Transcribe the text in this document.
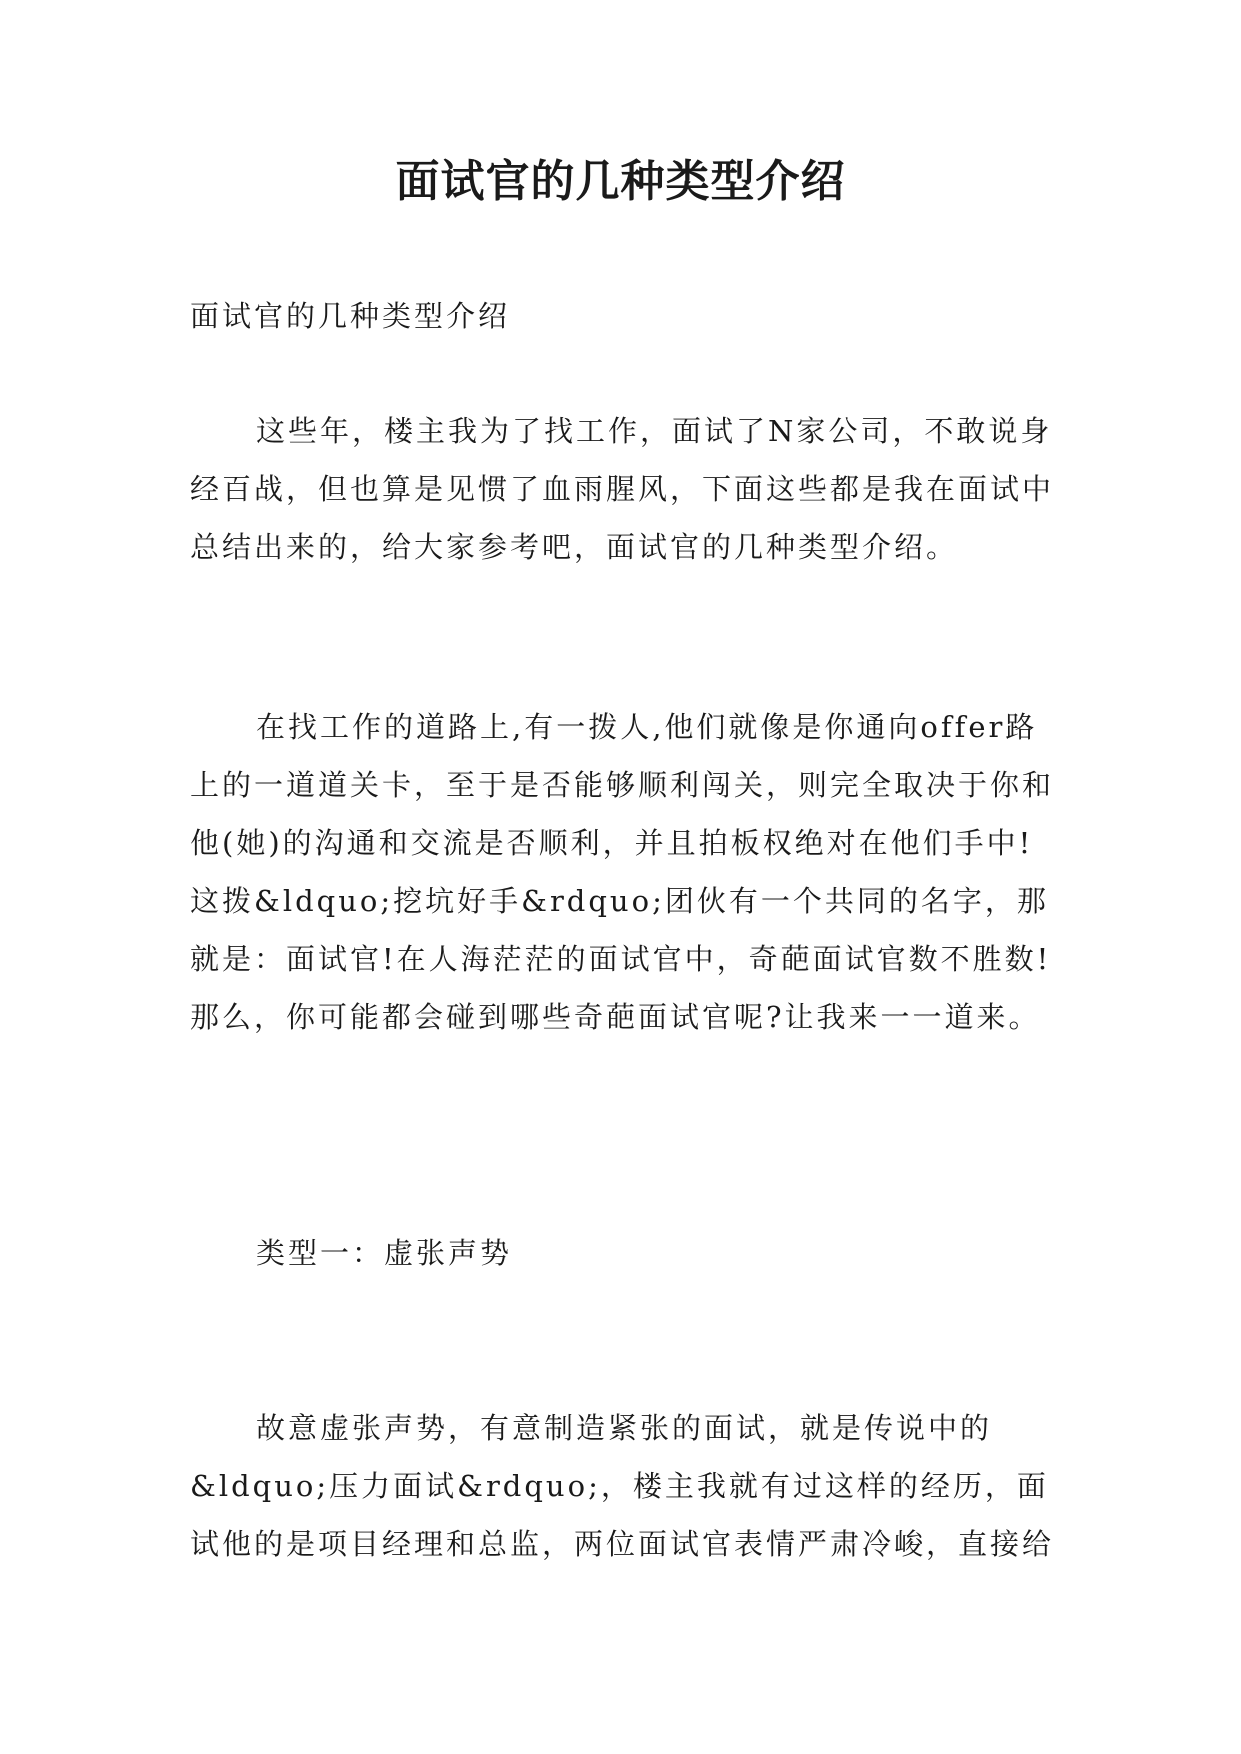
面试官的几种类型介绍

面试官的几种类型介绍

这些年，楼主我为了找工作，面试了N家公司，不敢说身经百战，但也算是见惯了血雨腥风，下面这些都是我在面试中总结出来的，给大家参考吧，面试官的几种类型介绍。

在找工作的道路上,有一拨人,他们就像是你通向offer路上的一道道关卡，至于是否能够顺利闯关，则完全取决于你和他(她)的沟通和交流是否顺利，并且拍板权绝对在他们手中!这拨&ldquo;挖坑好手&rdquo;团伙有一个共同的名字，那就是：面试官!在人海茫茫的面试官中，奇葩面试官数不胜数!那么，你可能都会碰到哪些奇葩面试官呢?让我来一一道来。

类型一：虚张声势

故意虚张声势，有意制造紧张的面试，就是传说中的&ldquo;压力面试&rdquo;，楼主我就有过这样的经历，面试他的是项目经理和总监，两位面试官表情严肃冷峻，直接给
